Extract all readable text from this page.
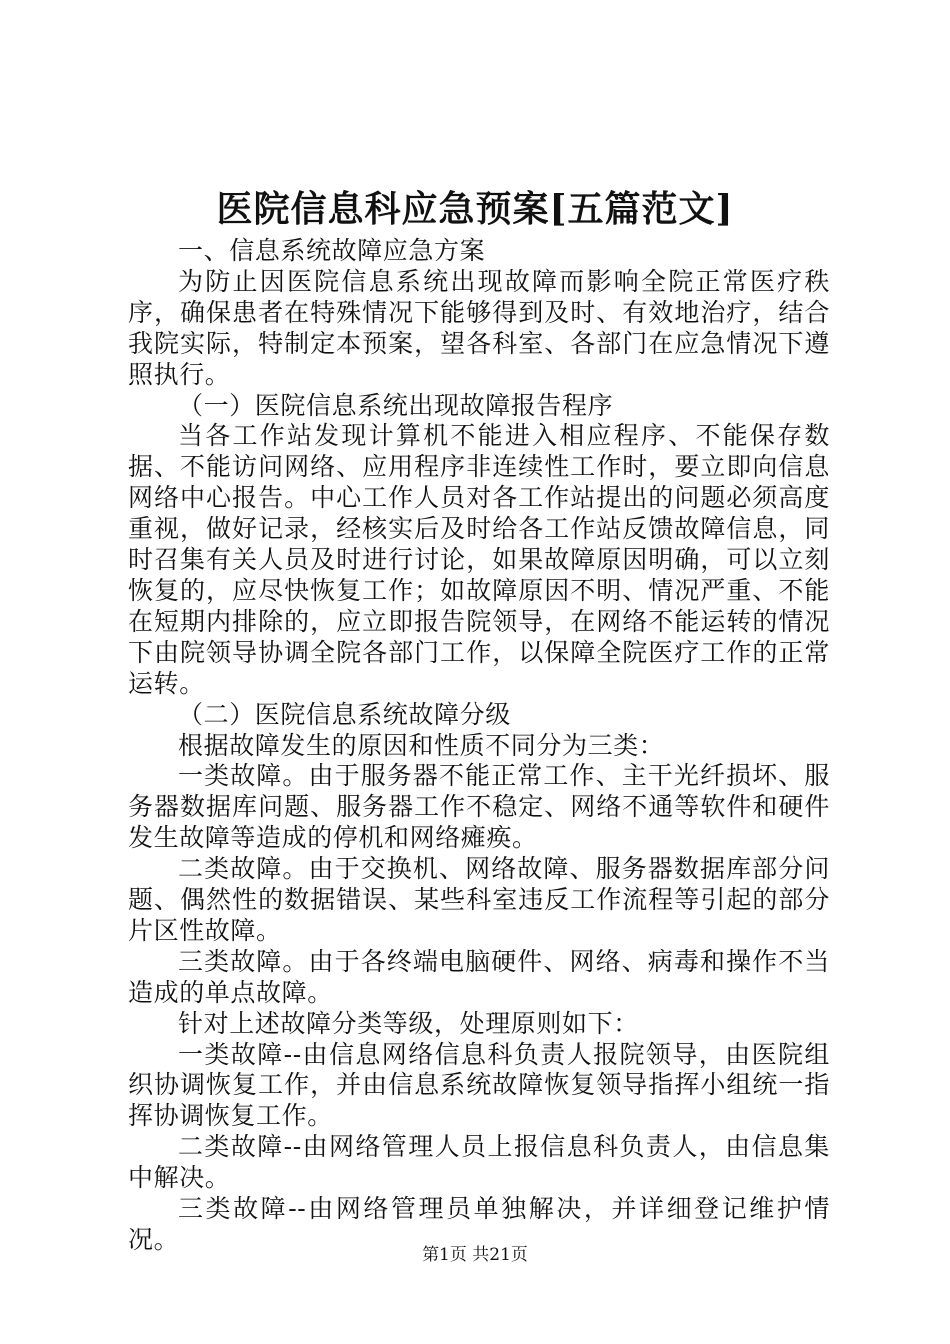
医院信息科应急预案[五篇范文]

一、信息系统故障应急方案

为防止因医院信息系统出现故障而影响全院正常医疗秩序，确保患者在特殊情况下能够得到及时、有效地治疗，结合我院实际，特制定本预案，望各科室、各部门在应急情况下遵照执行。

（一）医院信息系统出现故障报告程序

当各工作站发现计算机不能进入相应程序、不能保存数据、不能访问网络、应用程序非连续性工作时，要立即向信息网络中心报告。中心工作人员对各工作站提出的问题必须高度重视，做好记录，经核实后及时给各工作站反馈故障信息，同时召集有关人员及时进行讨论，如果故障原因明确，可以立刻恢复的，应尽快恢复工作；如故障原因不明、情况严重、不能在短期内排除的，应立即报告院领导，在网络不能运转的情况下由院领导协调全院各部门工作，以保障全院医疗工作的正常运转。

（二）医院信息系统故障分级

根据故障发生的原因和性质不同分为三类：

一类故障。由于服务器不能正常工作、主干光纤损坏、服务器数据库问题、服务器工作不稳定、网络不通等软件和硬件发生故障等造成的停机和网络瘫痪。

二类故障。由于交换机、网络故障、服务器数据库部分问题、偶然性的数据错误、某些科室违反工作流程等引起的部分片区性故障。

三类故障。由于各终端电脑硬件、网络、病毒和操作不当造成的单点故障。

针对上述故障分类等级，处理原则如下：

一类故障--由信息网络信息科负责人报院领导，由医院组织协调恢复工作，并由信息系统故障恢复领导指挥小组统一指挥协调恢复工作。

二类故障--由网络管理人员上报信息科负责人，由信息集中解决。

三类故障--由网络管理员单独解决，并详细登记维护情况。

第1页 共21页
